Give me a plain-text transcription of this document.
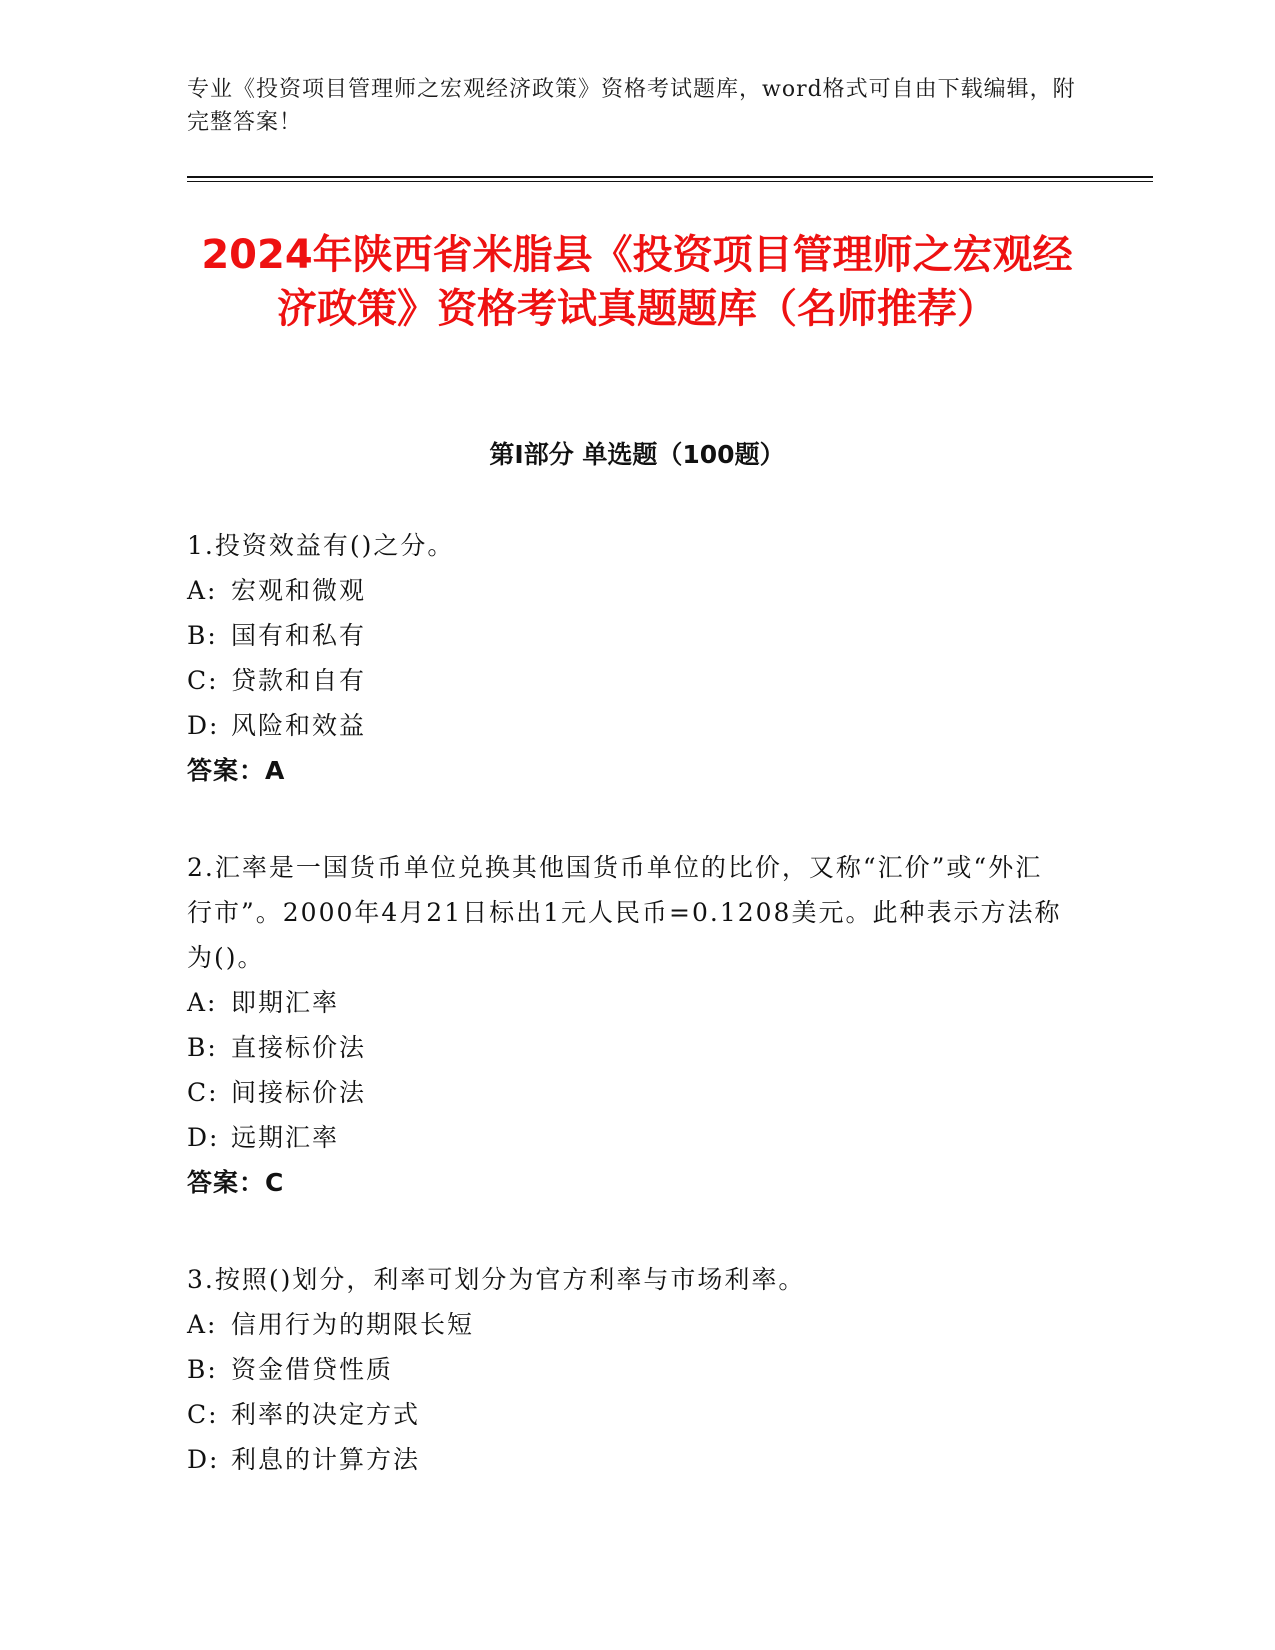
专业《投资项目管理师之宏观经济政策》资格考试题库，word格式可自由下载编辑，附完整答案！
2024年陕西省米脂县《投资项目管理师之宏观经济政策》资格考试真题题库（名师推荐）
第I部分 单选题（100题）
1.投资效益有()之分。
A: 宏观和微观
B: 国有和私有
C: 贷款和自有
D: 风险和效益
答案：A
2.汇率是一国货币单位兑换其他国货币单位的比价，又称“汇价”或“外汇行市”。2000年4月21日标出1元人民币=0.1208美元。此种表示方法称为()。
A: 即期汇率
B: 直接标价法
C: 间接标价法
D: 远期汇率
答案：C
3.按照()划分，利率可划分为官方利率与市场利率。
A: 信用行为的期限长短
B: 资金借贷性质
C: 利率的决定方式
D: 利息的计算方法
